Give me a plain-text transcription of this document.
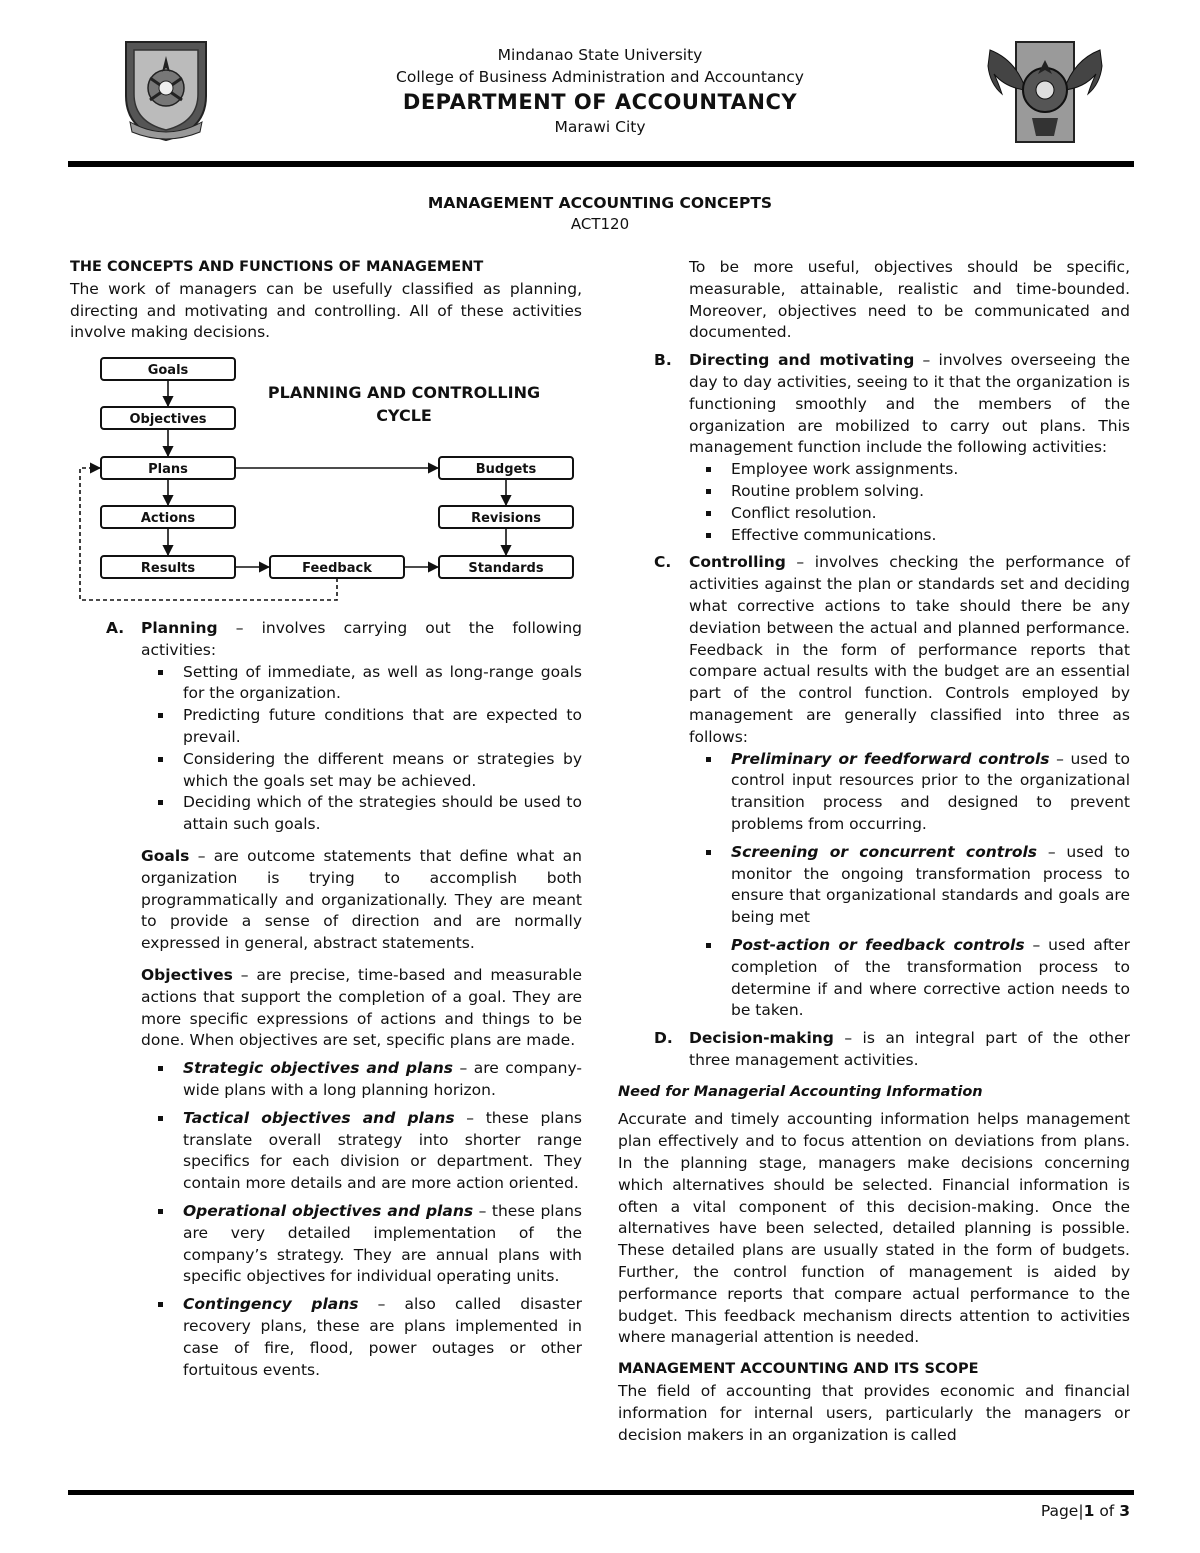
Mindanao State University
College of Business Administration and Accountancy
DEPARTMENT OF ACCOUNTANCY
Marawi City
MANAGEMENT ACCOUNTING CONCEPTS
ACT120

THE CONCEPTS AND FUNCTIONS OF MANAGEMENT

The work of managers can be usefully classified as planning, directing and motivating and controlling. All of these activities involve making decisions.

Goals
Objectives
Plans
Actions
Results	Feedback
Budgets
Revisions
Standards
PLANNING AND CONTROLLING
CYCLE
A. Planning – involves carrying out the following activities:

Setting of immediate, as well as long-range goals for the organization.
Predicting future conditions that are expected to prevail.
Considering the different means or strategies by which the goals set may be achieved.
Deciding which of the strategies should be used to attain such goals.

Goals – are outcome statements that define what an organization is trying to accomplish both programmatically and organizationally. They are meant to provide a sense of direction and are normally expressed in general, abstract statements.

Objectives – are precise, time-based and measurable actions that support the completion of a goal. They are more specific expressions of actions and things to be done. When objectives are set, specific plans are made.

Strategic objectives and plans – are company-wide plans with a long planning horizon.
Tactical objectives and plans – these plans translate overall strategy into shorter range specifics for each division or department. They contain more details and are more action oriented.
Operational objectives and plans – these plans are very detailed implementation of the company’s strategy. They are annual plans with specific objectives for individual operating units.
Contingency plans – also called disaster recovery plans, these are plans implemented in case of fire, flood, power outages or other fortuitous events.

To be more useful, objectives should be specific, measurable, attainable, realistic and time-bounded. Moreover, objectives need to be communicated and documented.

B. Directing and motivating – involves overseeing the day to day activities, seeing to it that the organization is functioning smoothly and the members of the organization are mobilized to carry out plans. This management function include the following activities:

Employee work assignments.
Routine problem solving.
Conflict resolution.
Effective communications.
C. Controlling – involves checking the performance of activities against the plan or standards set and deciding what corrective actions to take should there be any deviation between the actual and planned performance. Feedback in the form of performance reports that compare actual results with the budget are an essential part of the control function. Controls employed by management are generally classified into three as follows:

Preliminary or feedforward controls – used to control input resources prior to the organizational transition process and designed to prevent problems from occurring.
Screening or concurrent controls – used to monitor the ongoing transformation process to ensure that organizational standards and goals are being met
Post-action or feedback controls – used after completion of the transformation process to determine if and where corrective action needs to be taken.
D. Decision-making – is an integral part of the other three management activities.

Need for Managerial Accounting Information

Accurate and timely accounting information helps management plan effectively and to focus attention on deviations from plans. In the planning stage, managers make decisions concerning which alternatives should be selected. Financial information is often a vital component of this decision-making. Once the alternatives have been selected, detailed planning is possible. These detailed plans are usually stated in the form of budgets. Further, the control function of management is aided by performance reports that compare actual performance to the budget. This feedback mechanism directs attention to activities where managerial attention is needed.

MANAGEMENT ACCOUNTING AND ITS SCOPE

The field of accounting that provides economic and financial information for internal users, particularly the managers or decision makers in an organization is called

Page|1 of 3
